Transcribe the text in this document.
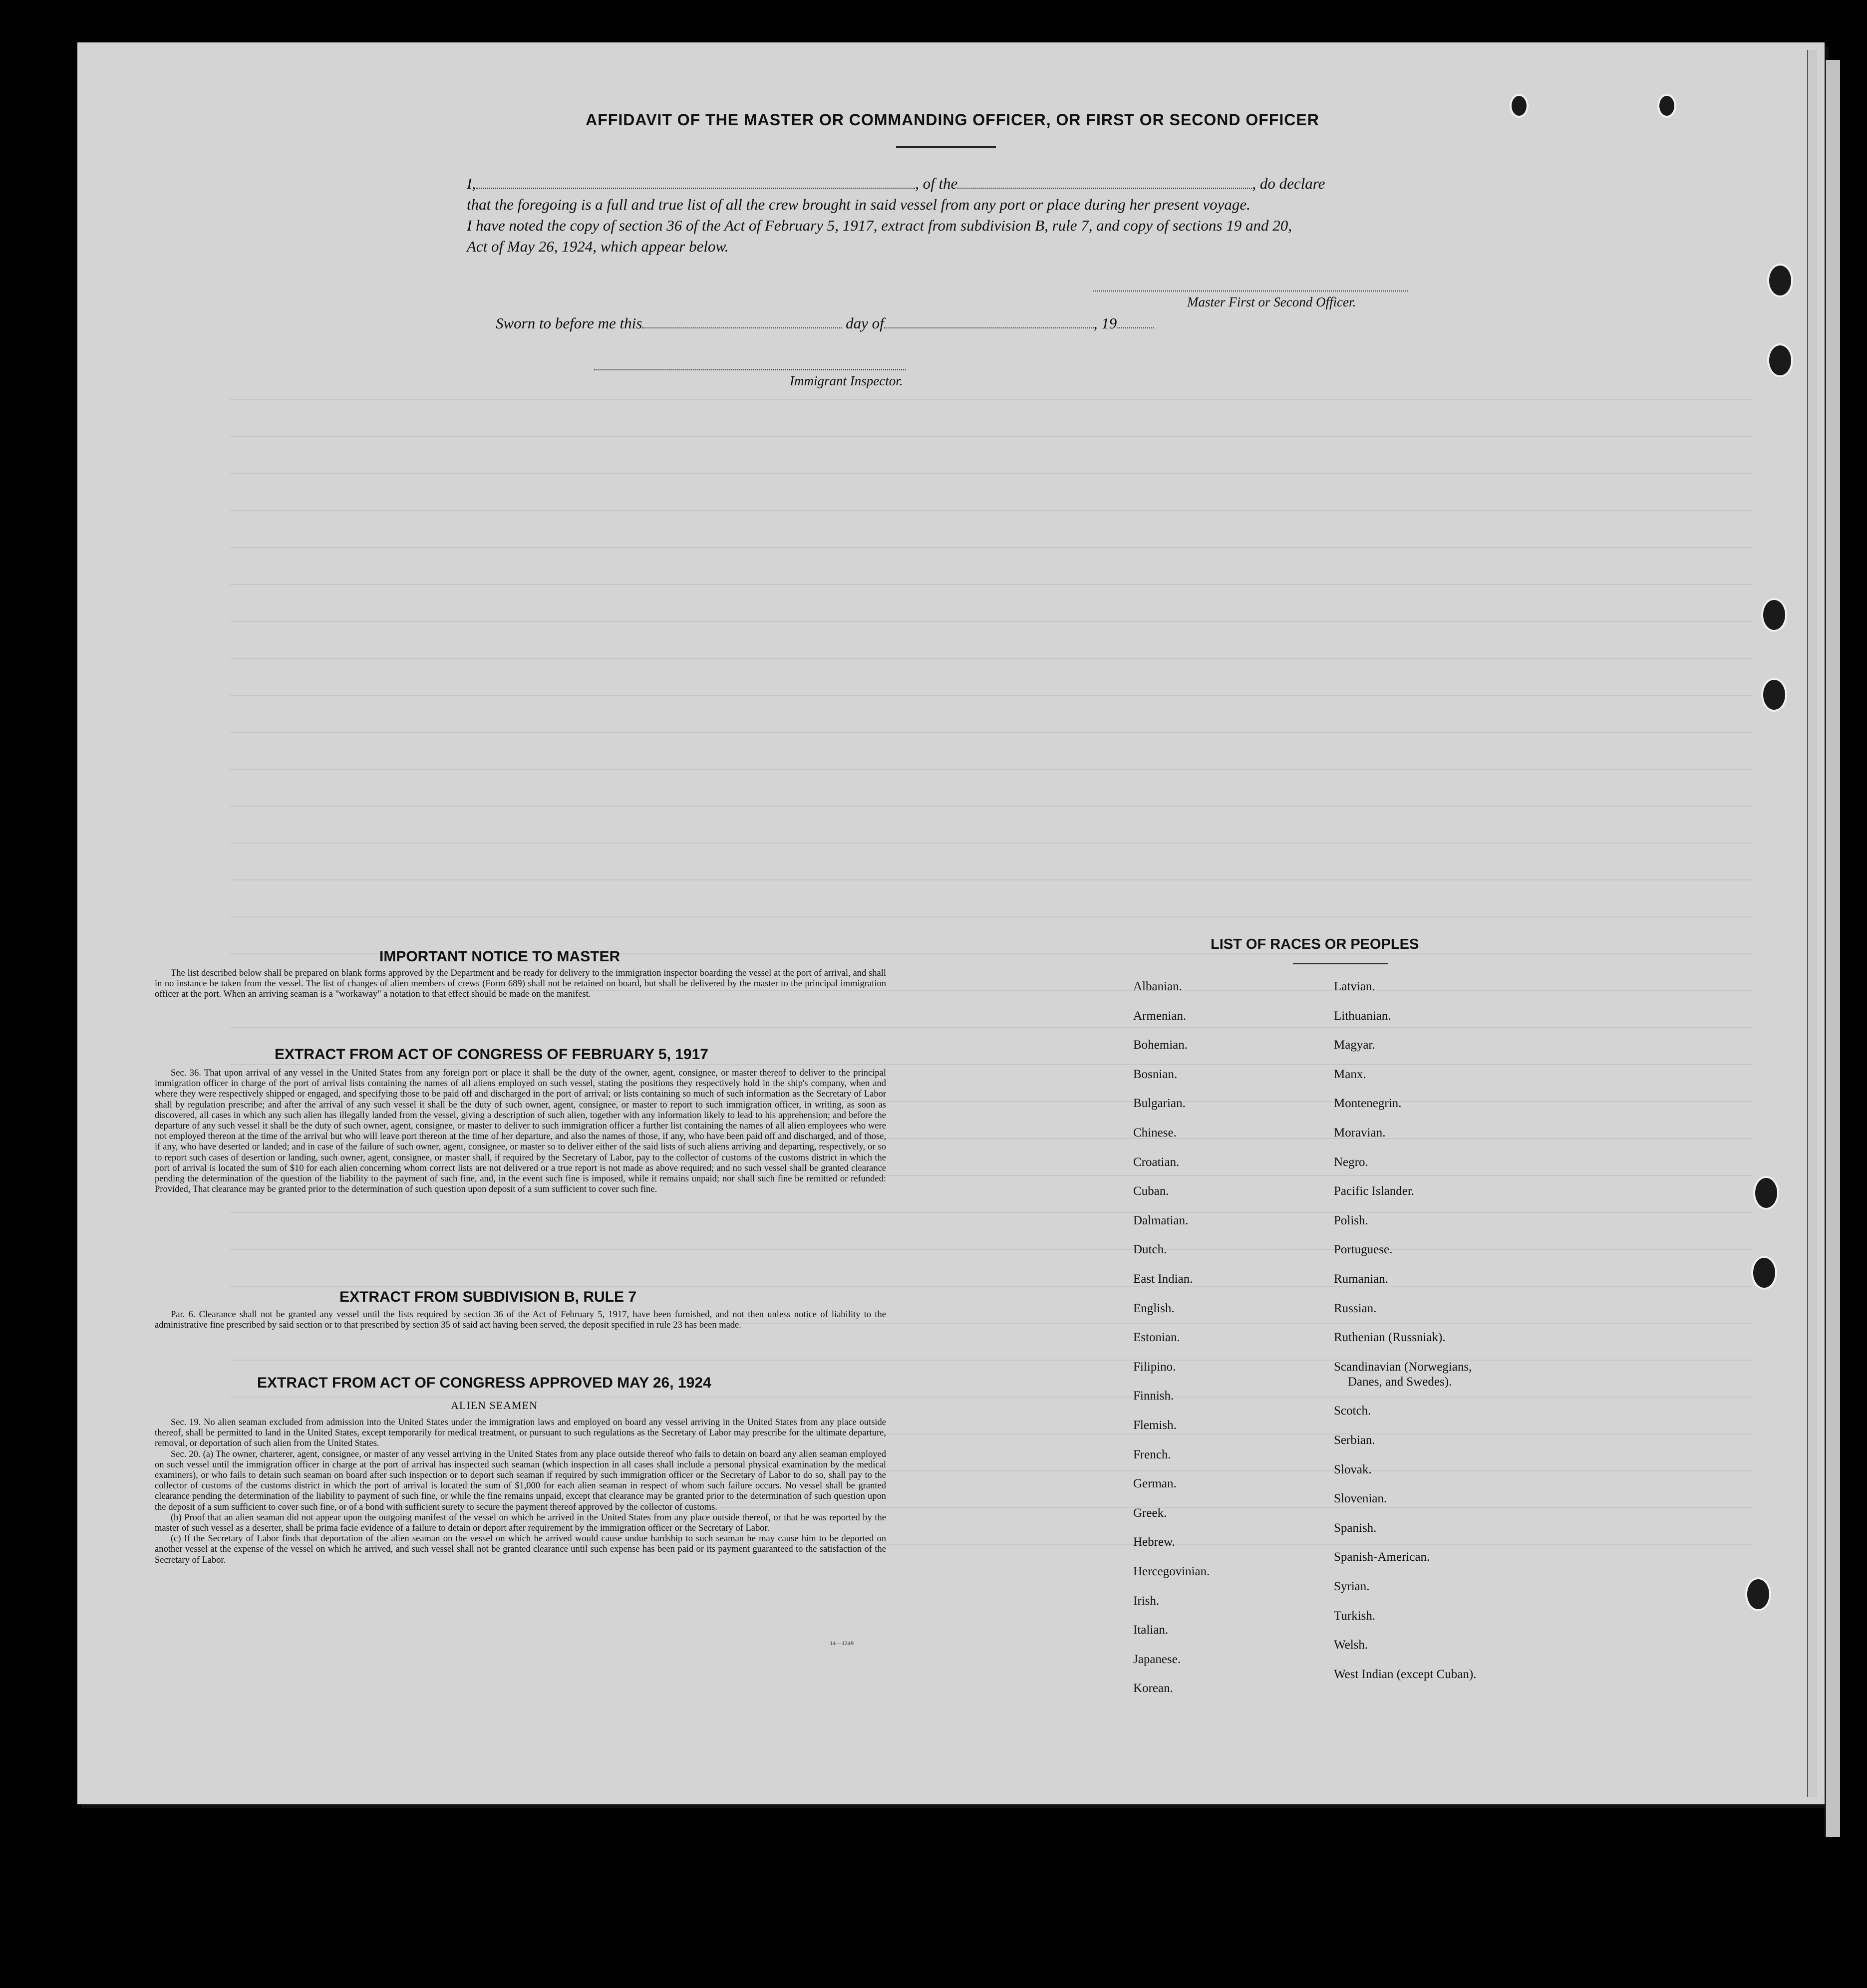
AFFIDAVIT OF THE MASTER OR COMMANDING OFFICER, OR FIRST OR SECOND OFFICER
I,	, of the	, do declare
that the foregoing is a full and true list of all the crew brought in said vessel from any port or place during her present voyage.
I have noted the copy of section 36 of the Act of February 5, 1917, extract from subdivision B, rule 7, and copy of sections 19 and 20,
Act of May 26, 1924, which appear below.
Master First or Second Officer.
Sworn to before me this	day of	, 19
Immigrant Inspector.
IMPORTANT NOTICE TO MASTER

The list described below shall be prepared on blank forms approved by the Department and be ready for delivery to the immigration inspector boarding the vessel at the port of arrival, and shall in no instance be taken from the vessel. The list of changes of alien members of crews (Form 689) shall not be retained on board, but shall be delivered by the master to the principal immigration officer at the port. When an arriving seaman is a "workaway" a notation to that effect should be made on the manifest.

EXTRACT FROM ACT OF CONGRESS OF FEBRUARY 5, 1917

Sec. 36. That upon arrival of any vessel in the United States from any foreign port or place it shall be the duty of the owner, agent, consignee, or master thereof to deliver to the principal immigration officer in charge of the port of arrival lists containing the names of all aliens employed on such vessel, stating the positions they respectively hold in the ship's company, when and where they were respectively shipped or engaged, and specifying those to be paid off and discharged in the port of arrival; or lists containing so much of such information as the Secretary of Labor shall by regulation prescribe; and after the arrival of any such vessel it shall be the duty of such owner, agent, consignee, or master to report to such immigration officer, in writing, as soon as discovered, all cases in which any such alien has illegally landed from the vessel, giving a description of such alien, together with any information likely to lead to his apprehension; and before the departure of any such vessel it shall be the duty of such owner, agent, consignee, or master to deliver to such immigration officer a further list containing the names of all alien employees who were not employed thereon at the time of the arrival but who will leave port thereon at the time of her departure, and also the names of those, if any, who have been paid off and discharged, and of those, if any, who have deserted or landed; and in case of the failure of such owner, agent, consignee, or master so to deliver either of the said lists of such aliens arriving and departing, respectively, or so to report such cases of desertion or landing, such owner, agent, consignee, or master shall, if required by the Secretary of Labor, pay to the collector of customs of the customs district in which the port of arrival is located the sum of $10 for each alien concerning whom correct lists are not delivered or a true report is not made as above required; and no such vessel shall be granted clearance pending the determination of the question of the liability to the payment of such fine, and, in the event such fine is imposed, while it remains unpaid; nor shall such fine be remitted or refunded: Provided, That clearance may be granted prior to the determination of such question upon deposit of a sum sufficient to cover such fine.

EXTRACT FROM SUBDIVISION B, RULE 7

Par. 6. Clearance shall not be granted any vessel until the lists required by section 36 of the Act of February 5, 1917, have been furnished, and not then unless notice of liability to the administrative fine prescribed by said section or to that prescribed by section 35 of said act having been served, the deposit specified in rule 23 has been made.

EXTRACT FROM ACT OF CONGRESS APPROVED MAY 26, 1924
ALIEN SEAMEN

Sec. 19. No alien seaman excluded from admission into the United States under the immigration laws and employed on board any vessel arriving in the United States from any place outside thereof, shall be permitted to land in the United States, except temporarily for medical treatment, or pursuant to such regulations as the Secretary of Labor may prescribe for the ultimate departure, removal, or deportation of such alien from the United States.

Sec. 20. (a) The owner, charterer, agent, consignee, or master of any vessel arriving in the United States from any place outside thereof who fails to detain on board any alien seaman employed on such vessel until the immigration officer in charge at the port of arrival has inspected such seaman (which inspection in all cases shall include a personal physical examination by the medical examiners), or who fails to detain such seaman on board after such inspection or to deport such seaman if required by such immigration officer or the Secretary of Labor to do so, shall pay to the collector of customs of the customs district in which the port of arrival is located the sum of $1,000 for each alien seaman in respect of whom such failure occurs. No vessel shall be granted clearance pending the determination of the liability to payment of such fine, or while the fine remains unpaid, except that clearance may be granted prior to the determination of such question upon the deposit of a sum sufficient to cover such fine, or of a bond with sufficient surety to secure the payment thereof approved by the collector of customs.

(b) Proof that an alien seaman did not appear upon the outgoing manifest of the vessel on which he arrived in the United States from any place outside thereof, or that he was reported by the master of such vessel as a deserter, shall be prima facie evidence of a failure to detain or deport after requirement by the immigration officer or the Secretary of Labor.

(c) If the Secretary of Labor finds that deportation of the alien seaman on the vessel on which he arrived would cause undue hardship to such seaman he may cause him to be deported on another vessel at the expense of the vessel on which he arrived, and such vessel shall not be granted clearance until such expense has been paid or its payment guaranteed to the satisfaction of the Secretary of Labor.

14—1249
LIST OF RACES OR PEOPLES
Albanian.
Armenian.
Bohemian.
Bosnian.
Bulgarian.
Chinese.
Croatian.
Cuban.
Dalmatian.
Dutch.
East Indian.
English.
Estonian.
Filipino.
Finnish.
Flemish.
French.
German.
Greek.
Hebrew.
Hercegovinian.
Irish.
Italian.
Japanese.
Korean.
Latvian.
Lithuanian.
Magyar.
Manx.
Montenegrin.
Moravian.
Negro.
Pacific Islander.
Polish.
Portuguese.
Rumanian.
Russian.
Ruthenian (Russniak).
Scandinavian (Norwegians,
Danes, and Swedes).
Scotch.
Serbian.
Slovak.
Slovenian.
Spanish.
Spanish-American.
Syrian.
Turkish.
Welsh.
West Indian (except Cuban).
